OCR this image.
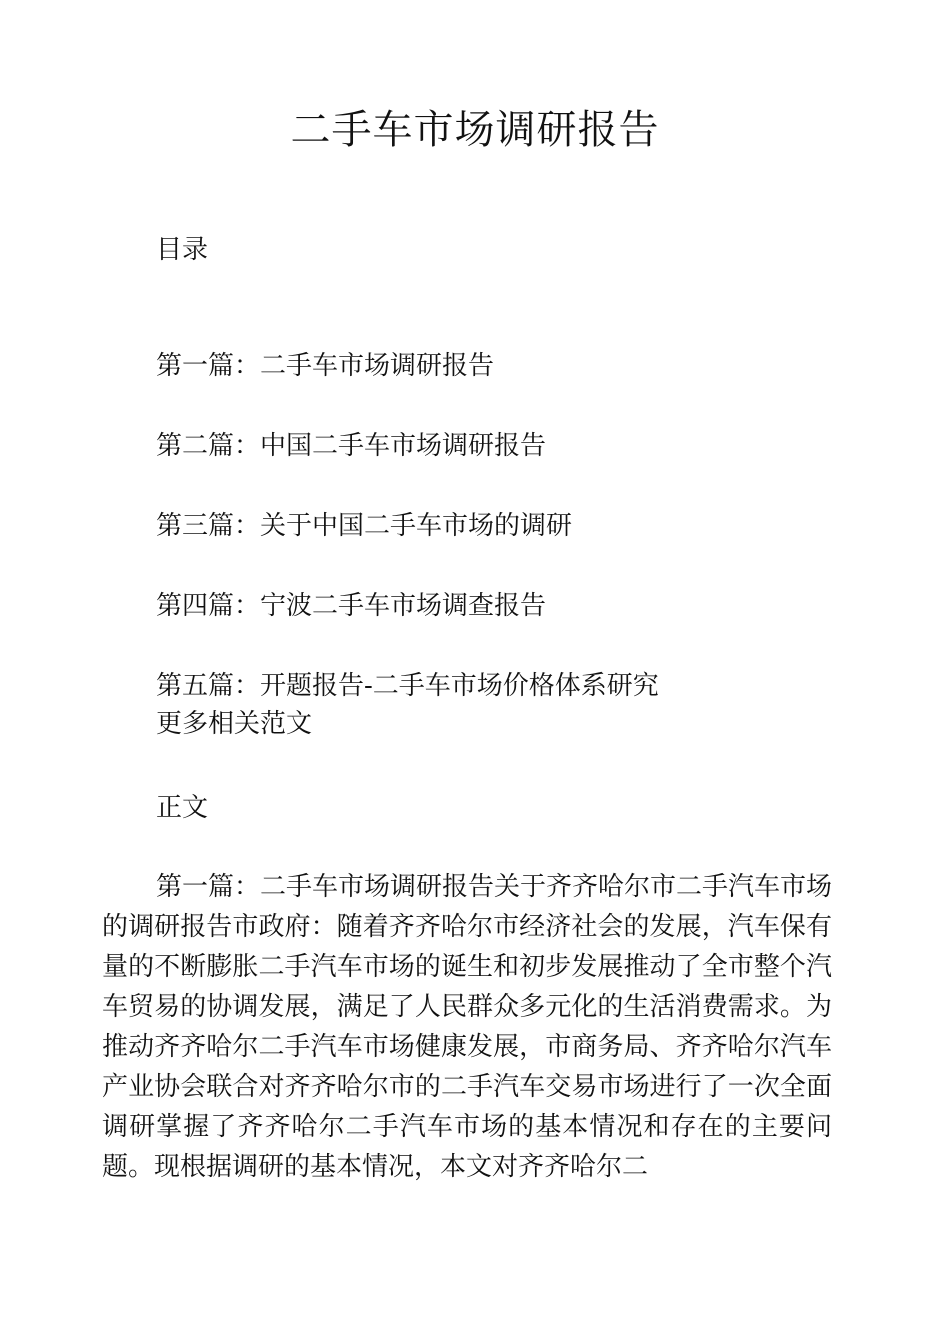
二手车市场调研报告
目录
第一篇：二手车市场调研报告
第二篇：中国二手车市场调研报告
第三篇：关于中国二手车市场的调研
第四篇：宁波二手车市场调查报告
第五篇：开题报告-二手车市场价格体系研究
更多相关范文
正文

第一篇：二手车市场调研报告关于齐齐哈尔市二手汽车市场的调研报告市政府：随着齐齐哈尔市经济社会的发展，汽车保有量的不断膨胀二手汽车市场的诞生和初步发展推动了全市整个汽车贸易的协调发展，满足了人民群众多元化的生活消费需求。为推动齐齐哈尔二手汽车市场健康发展，市商务局、齐齐哈尔汽车产业协会联合对齐齐哈尔市的二手汽车交易市场进行了一次全面调研掌握了齐齐哈尔二手汽车市场的基本情况和存在的主要问题。现根据调研的基本情况，本文对齐齐哈尔二
